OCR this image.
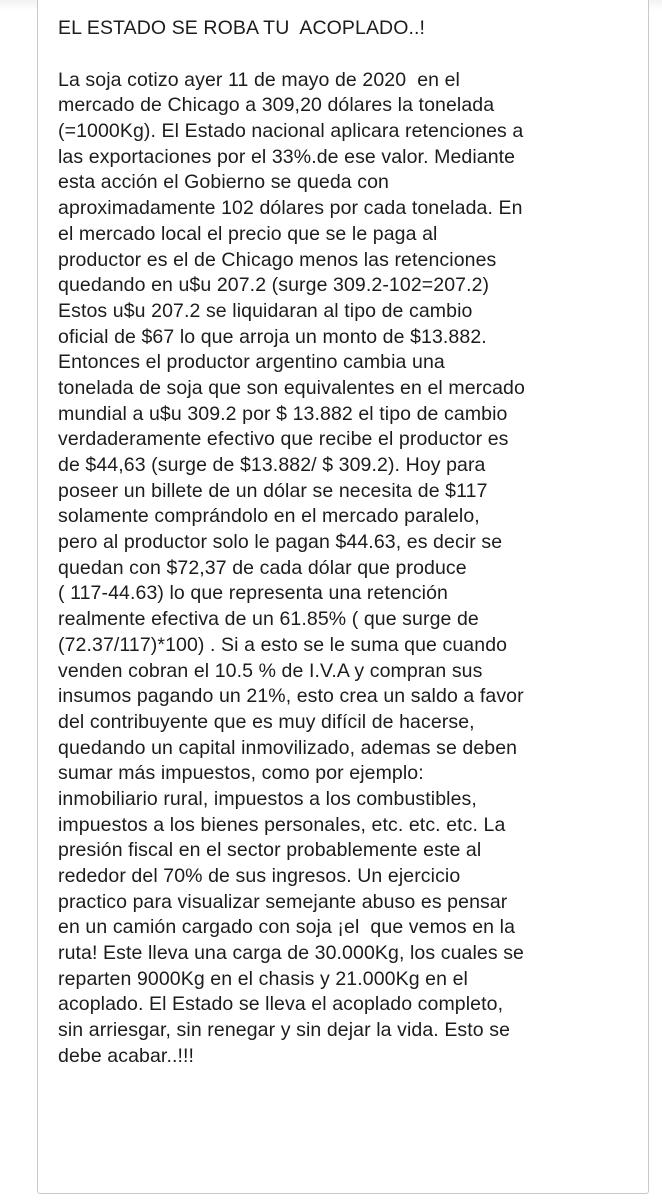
EL ESTADO SE ROBA TU  ACOPLADO..!
La soja cotizo ayer 11 de mayo de 2020  en el
mercado de Chicago a 309,20 dólares la tonelada
(=1000Kg). El Estado nacional aplicara retenciones a
las exportaciones por el 33%.de ese valor. Mediante
esta acción el Gobierno se queda con
aproximadamente 102 dólares por cada tonelada. En
el mercado local el precio que se le paga al
productor es el de Chicago menos las retenciones
quedando en u$u 207.2 (surge 309.2-102=207.2)
Estos u$u 207.2 se liquidaran al tipo de cambio
oficial de $67 lo que arroja un monto de $13.882.
Entonces el productor argentino cambia una
tonelada de soja que son equivalentes en el mercado
mundial a u$u 309.2 por $ 13.882 el tipo de cambio
verdaderamente efectivo que recibe el productor es
de $44,63 (surge de $13.882/ $ 309.2). Hoy para
poseer un billete de un dólar se necesita de $117
solamente comprándolo en el mercado paralelo,
pero al productor solo le pagan $44.63, es decir se
quedan con $72,37 de cada dólar que produce
( 117-44.63) lo que representa una retención
realmente efectiva de un 61.85% ( que surge de
(72.37/117)*100) . Si a esto se le suma que cuando
venden cobran el 10.5 % de I.V.A y compran sus
insumos pagando un 21%, esto crea un saldo a favor
del contribuyente que es muy difícil de hacerse,
quedando un capital inmovilizado, ademas se deben
sumar más impuestos, como por ejemplo:
inmobiliario rural, impuestos a los combustibles,
impuestos a los bienes personales, etc. etc. etc. La
presión fiscal en el sector probablemente este al
rededor del 70% de sus ingresos. Un ejercicio
practico para visualizar semejante abuso es pensar
en un camión cargado con soja ¡el  que vemos en la
ruta! Este lleva una carga de 30.000Kg, los cuales se
reparten 9000Kg en el chasis y 21.000Kg en el
acoplado. El Estado se lleva el acoplado completo,
sin arriesgar, sin renegar y sin dejar la vida. Esto se
debe acabar..!!!
